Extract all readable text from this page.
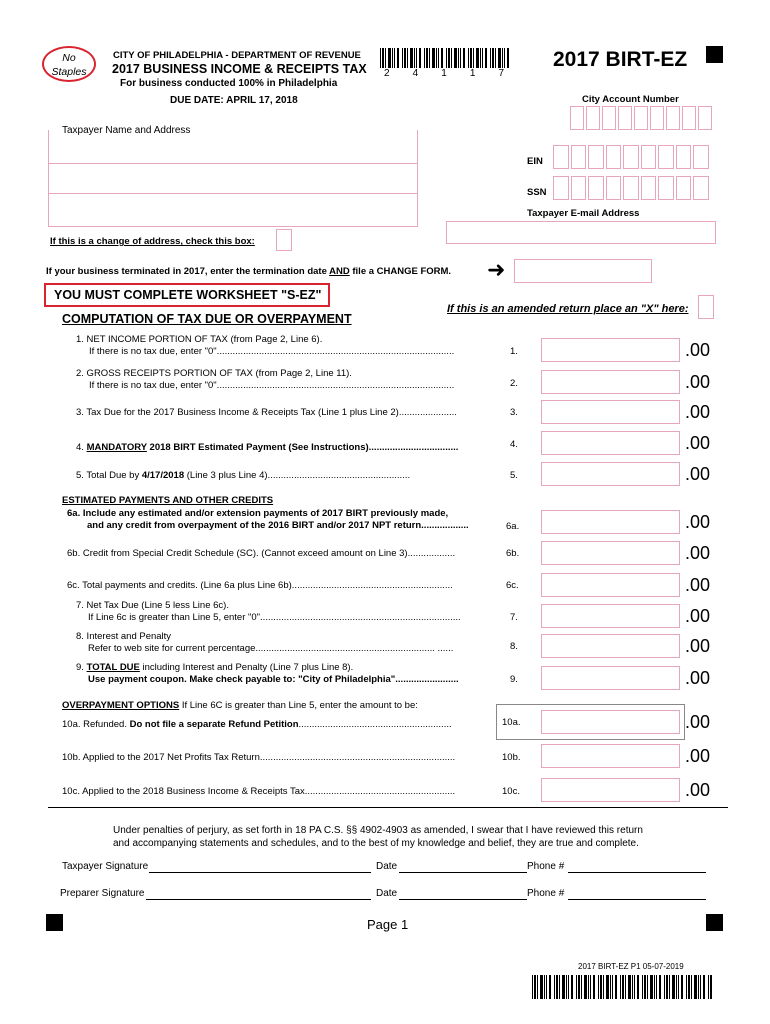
No
Staples
CITY OF PHILADELPHIA - DEPARTMENT OF REVENUE
2017 BUSINESS INCOME & RECEIPTS TAX
For business conducted 100% in Philadelphia
DUE DATE: APRIL 17, 2018
2 4 1 1 7
2017 BIRT-EZ
City Account Number
Taxpayer Name and Address
EIN
SSN
Taxpayer E-mail Address
If this is a change of address, check this box:
If your business terminated in 2017, enter the termination date AND file a CHANGE FORM. ➜
YOU MUST COMPLETE WORKSHEET "S-EZ"
If this is an amended return place an "X" here:
COMPUTATION OF TAX DUE OR OVERPAYMENT
1. NET INCOME PORTION OF TAX (from Page 2, Line 6).
If there is no tax due, enter "0"..........................................................................................	1.	.00
2. GROSS RECEIPTS PORTION OF TAX (from Page 2, Line 11).
If there is no tax due, enter "0"..........................................................................................	2.	.00
3. Tax Due for the 2017 Business Income & Receipts Tax (Line 1 plus Line 2)......................	3.	.00
4. MANDATORY 2018 BIRT Estimated Payment (See Instructions)..................................	4.	.00
5. Total Due by 4/17/2018 (Line 3 plus Line 4)......................................................	5.	.00
ESTIMATED PAYMENTS AND OTHER CREDITS
6a. Include any estimated and/or extension payments of 2017 BIRT previously made,
and any credit from overpayment of the 2016 BIRT and/or 2017 NPT return..................	6a.	.00
6b. Credit from Special Credit Schedule (SC). (Cannot exceed amount on Line 3)..................	6b.	.00
6c. Total payments and credits. (Line 6a plus Line 6b).............................................................	6c.	.00
7. Net Tax Due (Line 5 less Line 6c).
If Line 6c is greater than Line 5, enter "0"............................................................................	7.	.00
8. Interest and Penalty
Refer to web site for current percentage.................................................................... ......	8.	.00
9. TOTAL DUE including Interest and Penalty (Line 7 plus Line 8).
Use payment coupon. Make check payable to: "City of Philadelphia"........................	9.	.00
OVERPAYMENT OPTIONS If Line 6C is greater than Line 5, enter the amount to be:
10a. Refunded. Do not file a separate Refund Petition..........................................................	10a.	.00
10b. Applied to the 2017 Net Profits Tax Return..........................................................................	10b.	.00
10c. Applied to the 2018 Business Income & Receipts Tax.........................................................	10c.	.00
Under penalties of perjury, as set forth in 18 PA C.S. §§ 4902-4903 as amended, I swear that I have reviewed this return
and accompanying statements and schedules, and to the best of my knowledge and belief, they are true and complete.
Taxpayer Signature	Date	Phone #
Preparer Signature	Date	Phone #
Page 1
2017 BIRT-EZ P1 05-07-2019
